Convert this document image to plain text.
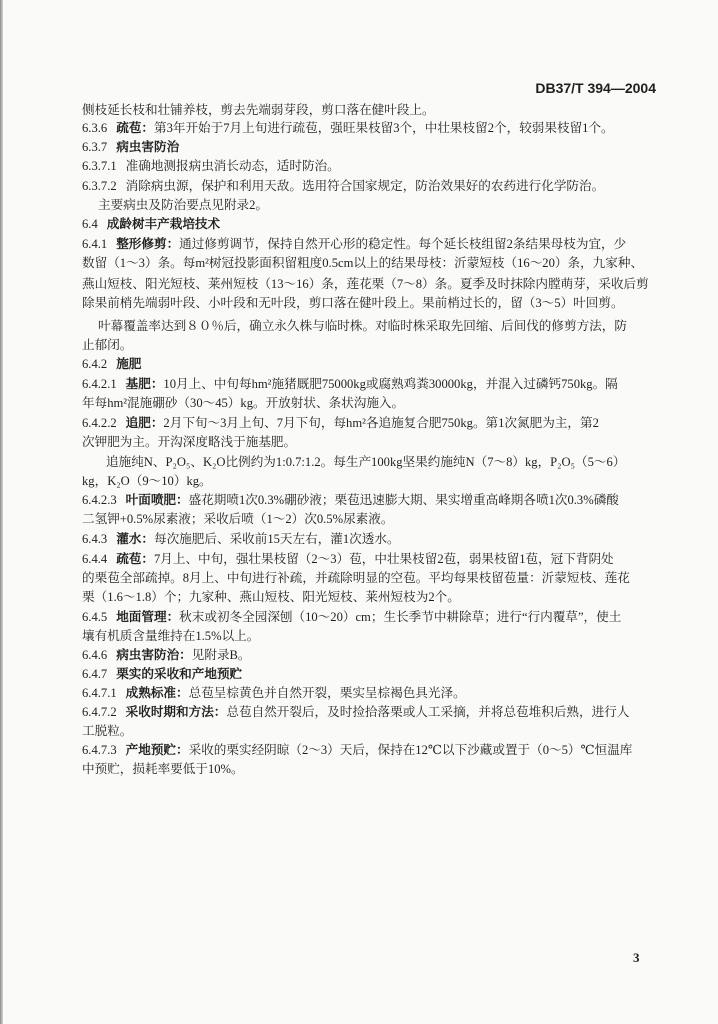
DB37/T 394—2004
侧枝延长枝和壮铺养枝，剪去先端弱芽段，剪口落在健叶段上。
6.3.6 疏苞：第3年开始于7月上旬进行疏苞，强旺果枝留3个，中壮果枝留2个，较弱果枝留1个。
6.3.7 病虫害防治
6.3.7.1 准确地测报病虫消长动态，适时防治。
6.3.7.2 消除病虫源，保护和利用天敌。选用符合国家规定，防治效果好的农药进行化学防治。
主要病虫及防治要点见附录2。
6.4 成龄树丰产栽培技术
6.4.1 整形修剪：通过修剪调节，保持自然开心形的稳定性。每个延长枝组留2条结果母枝为宜，少
数留（1～3）条。每m²树冠投影面积留粗度0.5cm以上的结果母枝：沂蒙短枝（16～20）条，九家种、
燕山短枝、阳光短枝、莱州短枝（13～16）条，莲花栗（7～8）条。夏季及时抹除内膛萌芽，采收后剪
除果前梢先端弱叶段、小叶段和无叶段，剪口落在健叶段上。果前梢过长的，留（3～5）叶回剪。
叶幕覆盖率达到８０％后，确立永久株与临时株。对临时株采取先回缩、后间伐的修剪方法，防
止郁闭。
6.4.2 施肥
6.4.2.1 基肥：10月上、中旬每hm²施猪厩肥75000kg或腐熟鸡粪30000kg，并混入过磷钙750kg。隔
年每hm²混施硼砂（30～45）kg。开放射状、条状沟施入。
6.4.2.2 追肥：2月下旬～3月上旬、7月下旬，每hm²各追施复合肥750kg。第1次氮肥为主，第2
次钾肥为主。开沟深度略浅于施基肥。
追施纯N、P₂O₅、K₂O比例约为1:0.7:1.2。每生产100kg坚果约施纯N（7～8）kg，P₂O₅（5～6）
kg，K₂O（9～10）kg。
6.4.2.3 叶面喷肥：盛花期喷1次0.3%硼砂液；栗苞迅速膨大期、果实增重高峰期各喷1次0.3%磷酸
二氢钾+0.5%尿素液；采收后喷（1～2）次0.5%尿素液。
6.4.3 灌水：每次施肥后、采收前15天左右，灌1次透水。
6.4.4 疏苞：7月上、中旬，强壮果枝留（2～3）苞，中壮果枝留2苞，弱果枝留1苞，冠下背阴处
的栗苞全部疏掉。8月上、中旬进行补疏，并疏除明显的空苞。平均每果枝留苞量：沂蒙短枝、莲花
栗（1.6～1.8）个；九家种、燕山短枝、阳光短枝、莱州短枝为2个。
6.4.5 地面管理：秋末或初冬全园深刨（10～20）cm；生长季节中耕除草；进行“行内覆草”，使土
壤有机质含量维持在1.5%以上。
6.4.6 病虫害防治：见附录B。
6.4.7 栗实的采收和产地预贮
6.4.7.1 成熟标准：总苞呈棕黄色并自然开裂，栗实呈棕褐色具光泽。
6.4.7.2 采收时期和方法：总苞自然开裂后，及时捡拾落栗或人工采摘，并将总苞堆积后熟，进行人
工脱粒。
6.4.7.3 产地预贮：采收的栗实经阴晾（2～3）天后，保持在12℃以下沙藏或置于（0～5）℃恒温库
中预贮，损耗率要低于10%。
3
